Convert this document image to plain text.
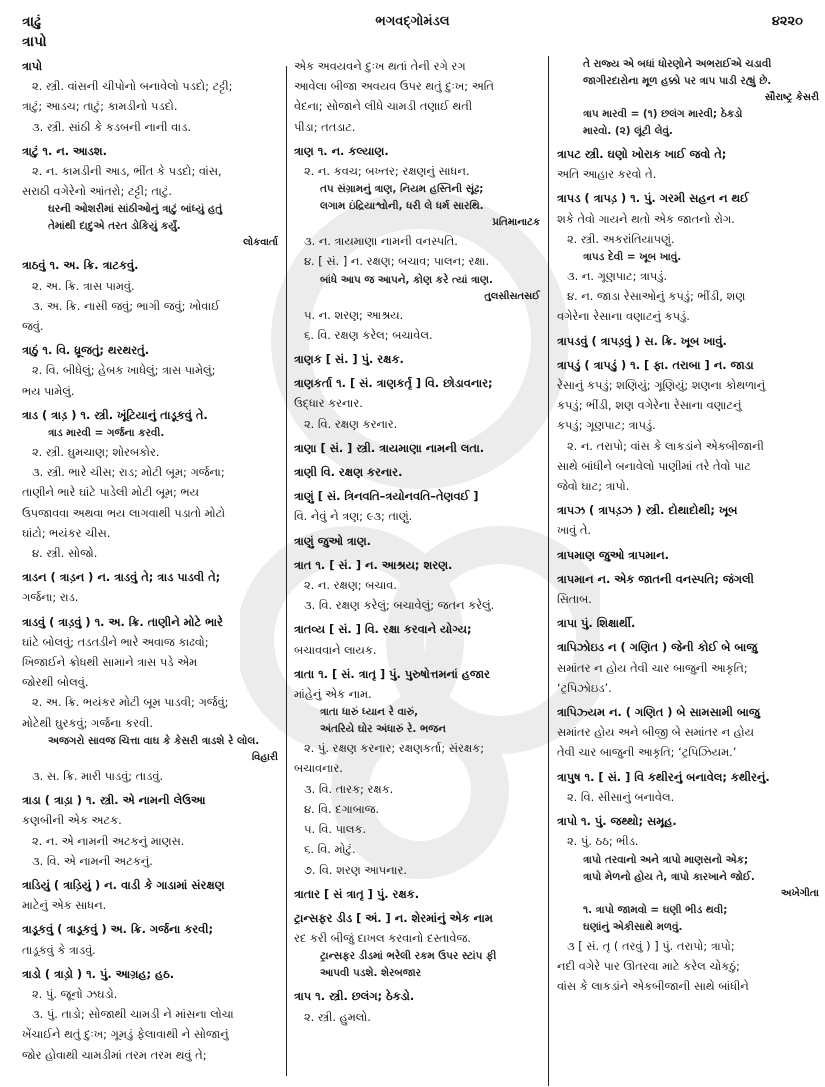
ત્રાઢું
ત્રાપો
ભગવદ્ગોમંડલ	૪૨૨૦
ત્રાપો
૨. સ્ત્રી. વાંસની ચીપોનો બનાવેલો પડદો; ટટ્ટી;
ત્રાટું; આડચ; તાટું; કામડીનો પડદો.
૩. સ્ત્રી. સાંઠી કે કડબની નાની વાડ.
ત્રાટું ૧. ન. આડશ.
૨. ન. કામડીની આડ, ભીંત કે પડદો; વાંસ,
સરાઠી વગેરેનો આંતરો; ટટ્ટી; તાટું.
ઘરની ઓશરીમાં સાંઠીઓનું ત્રાટું બાંધ્યું હતું
તેમાંથી દાદુએ તરત ડોકિયું કર્યું.
લોકવાર્તા
ત્રાઠવું ૧. અ. ક્રિ. ત્રાટકવું.
૨. અ. ક્રિ. ત્રાસ પામવું.
૩. અ. ક્રિ. નાસી જવું; ભાગી જવું; ખોવાઈ
જવું.
ત્રાઠું ૧. વિ. ધ્રૂજતું; થરથરતું.
૨. વિ. બીધેલું; હેબક ખાધેલું; ત્રાસ પામેલું;
ભય પામેલું.
ત્રાડ ( ત્રાડ઼ ) ૧. સ્ત્રી. ખૂંટિયાનું તાડૂકવું તે.
ત્રાડ મારવી = ગર્જના કરવી.
૨. સ્ત્રી. ઘુમચાણ; શોરબકોર.
૩. સ્ત્રી. ભારે ચીસ; રાડ; મોટી બૂમ; ગર્જના;
તાણીને ભારે ઘાંટે પાડેલી મોટી બૂમ; ભય
ઉપજાવવા અથવા ભય લાગવાથી પડાતો મોટો
ઘાંટો; ભયંકર ચીસ.
૪. સ્ત્રી. સોજો.
ત્રાડન ( ત્રાડ઼ન ) ન. ત્રાડવું તે; ત્રાડ પાડવી તે;
ગર્જના; રાડ.
ત્રાડવું ( ત્રાડ઼વું ) ૧. અ. ક્રિ. તાણીને મોટે ભારે
ઘાંટે બોલવું; તડતડીને ભારે અવાજ કાઢવો;
ખિજાઈને ક્રોધથી સામાને ત્રાસ પડે એમ
જોરથી બોલવું.
૨. અ. ક્રિ. ભયંકર મોટી બૂમ પાડવી; ગર્જવું;
મોટેથી ઘુરકવું; ગર્જના કરવી.
અજગરો સાવજ ચિત્તા વાઘ કે કેસરી ત્રાડશે રે લોલ.
વિહારી
૩. સ. ક્રિ. મારી પાડવું; તાડવું.
ત્રાડા ( ત્રાડ઼ા ) ૧. સ્ત્રી. એ નામની લેઉઆ
કણબીની એક અટક.
૨. ન. એ નામની અટકનું માણસ.
૩. વિ. એ નામની અટકનું.
ત્રાડિયું ( ત્રાડ઼િયું ) ન. વાડી કે ગાડામાં સંરક્ષણ
માટેનું એક સાધન.
ત્રાડૂકવું ( ત્રાડ઼ૂકવું ) અ. ક્રિ. ગર્જના કરવી;
તાડૂકવું કે ત્રાડવું.
ત્રાડો ( ત્રાડ઼ો ) ૧. પું. આગ્રહ; હઠ.
૨. પું. જૂનો ઝઘડો.
૩. પું. તાડો; સોજાથી ચામડી ને માંસના લોચા
ખેંચાઈને થતું દુઃખ; ગૂમડું ફેલાવાથી ને સોજાનું
જોર હોવાથી ચામડીમાં તરમ તરમ થવું તે;
એક અવયવને દુઃખ થતાં તેની રગે રગ
આવેલા બીજા અવયવ ઉપર થતું દુઃખ; અતિ
વેદના; સોજાને લીધે ચામડી તણાઈ થતી
પીડા; તતડાટ.
ત્રાણ ૧. ન. કલ્યાણ.
૨. ન. કવચ; બખ્તર; રક્ષણનું સાધન.
તપ સંગ્રામનું ત્રાણ, નિયમ હસ્તિની સૂંઢ;
લગામ ઇંદ્રિયાશ્વોની, ધરી લે ધર્મ સારથિ.
પ્રતિમાનાટક
૩. ન. ત્રાયમાણા નામની વનસ્પતિ.
૪. [ સં. ] ન. રક્ષણ; બચાવ; પાલન; રક્ષા.
બાંધે આપ જ આપને, કોણ કરે ત્યાં ત્રાણ.
તુલસીસતસઈ
૫. ન. શરણ; આશ્રય.
૬. વિ. રક્ષણ કરેલ; બચાવેલ.
ત્રાણક [ સં. ] પું. રક્ષક.
ત્રાણકર્તા ૧. [ સં. ત્રાણકર્તૃ ] વિ. છોડાવનાર;
ઉદ્ધાર કરનાર.
૨. વિ. રક્ષણ કરનાર.
ત્રાણા [ સં. ] સ્ત્રી. ત્રાયમાણા નામની લતા.
ત્રાણી વિ. રક્ષણ કરનાર.
ત્રાણું [ સં. ત્રિનવતિ–ત્રયોનવતિ–તેણવઈ ]
વિ. નેવું ને ત્રણ; ૯૩; તાણું.
ત્રાણું જુઓ ત્રાણ.
ત્રાત ૧. [ સં. ] ન. આશ્રય; શરણ.
૨. ન. રક્ષણ; બચાવ.
૩. વિ. રક્ષણ કરેલું; બચાવેલું; જતન કરેલું.
ત્રાતવ્ય [ સં. ] વિ. રક્ષા કરવાને યોગ્ય;
બચાવવાને લાયક.
ત્રાતા ૧. [ સં. ત્રાતૃ ] પું. પુરુષોત્તમનાં હજાર
માંહેનું એક નામ.
ત્રાતા ધારું ધ્યાન રે વારું,
અંતરિયે ઘોર અંધારું રે. ભજન
૨. પું. રક્ષણ કરનાર; રક્ષણકર્તા; સંરક્ષક;
બચાવનાર.
૩. વિ. તારક; રક્ષક.
૪. વિ. દગાબાજ.
૫. વિ. પાલક.
૬. વિ. મોટું.
૭. વિ. શરણ આપનાર.
ત્રાતાર [ સં ત્રાતૃ ] પું. રક્ષક.
ટ્રાન્સફર ડીડ [ અં. ] ન. શેરમાંનું એક નામ
રદ કરી બીજું દાખલ કરવાનો દસ્તાવેજ.
ટ્રાન્સફર ડીડમાં ભરેલી રકમ ઉપર સ્ટાંપ ફી
આપવી પડશે. શેરબજાર
ત્રાપ ૧. સ્ત્રી. છલંગ; ઠેકડો.
૨. સ્ત્રી. હુમલો.
તે રાજ્ય એ બધાં ધોરણોને અભરાઈએ ચડાવી
જાગીરદારોના મૂળ હક્કો પર ત્રાપ પાડી રહ્યું છે.
સૌરાષ્ટ્ર કેસરી
ત્રાપ મારવી = (૧) છલંગ મારવી; ઠેકડો
મારવો. (૨) લૂંટી લેવું.
ત્રાપટ સ્ત્રી. ઘણો ખોરાક ખાઈ જવો તે;
અતિ આહાર કરવો તે.
ત્રાપડ ( ત્રાપડ઼ ) ૧. પું. ગરમી સહન ન થઈ
શકે તેવો ગાયને થતો એક જાતનો રોગ.
૨. સ્ત્રી. અકરાંતિયાપણું.
ત્રાપડ દેવી = ખૂબ ખાવું.
૩. ન. ગૂણપાટ; ત્રાપડું.
૪. ન. જાડા રેસાઓનું કપડું; ભીંડી, શણ
વગેરેના રેસાના વણાટનું કપડું.
ત્રાપડવું ( ત્રાપડ઼વું ) સ. ક્રિ. ખૂબ ખાવું.
ત્રાપડું ( ત્રાપડ઼ું ) ૧. [ ફા. તરાબા ] ન. જાડા
રેસાનું કપડું; શણિયું; ગૂણિયું; શણના કોથળાનું
કપડું; ભીંડી, શણ વગેરેના રેસાના વણાટનું
કપડું; ગૂણપાટ; ત્રાપડું.
૨. ન. તરાપો; વાંસ કે લાકડાંને એકબીજાની
સાથે બાંધીને બનાવેલો પાણીમાં તરે તેવો પાટ
જેવો ઘાટ; ત્રાપો.
ત્રાપઝ ( ત્રાપડ઼ઝ ) સ્ત્રી. દોથાદોથી; ખૂબ
ખાવું તે.
ત્રાપમાણ જુઓ ત્રાપમાન.
ત્રાપમાન ન. એક જાતની વનસ્પતિ; જંગલી
સિતાબ.
ત્રાપા પું. શિક્ષાર્થી.
ત્રાપિઝોઇડ ન ( ગણિત ) જેની કોઈ બે બાજુ
સમાંતર ન હોય તેવી ચાર બાજુની આકૃતિ;
‘ટ્રપિઝોઇડ’.
ત્રાપિઝ્યમ ન. ( ગણિત ) બે સામસામી બાજુ
સમાંતર હોય અને બીજી બે સમાંતર ન હોય
તેવી ચાર બાજુની આકૃતિ; ‘ટ્રપિઝિયમ.’
ત્રાપુષ ૧. [ સં. ] વિ કથીરનું બનાવેલ; કથીરનું.
૨. વિ. સીસાનું બનાવેલ.
ત્રાપો ૧. પું. જથ્થો; સમૂહ.
૨. પું. ઠઠ; ભીડ.
ત્રાપો તરવાનો અને ત્રાપો માણસનો એક;
ત્રાપો મેળનો હોય તે, ત્રાપો કારખાને જોઈ.
અખેગીતા
૧. ત્રાપો જામવો = ઘણી ભીડ થવી;
ઘણાંનું એકીસાથે મળવું.
૩ [ સં. તૃ ( તરવું ) ] પું. તરાપો; ત્રાપો;
નદી વગેરે પાર ઊતરવા માટે કરેલ ચોકઠું;
વાંસ કે લાકડાંને એકબીજાની સાથે બાંધીને
